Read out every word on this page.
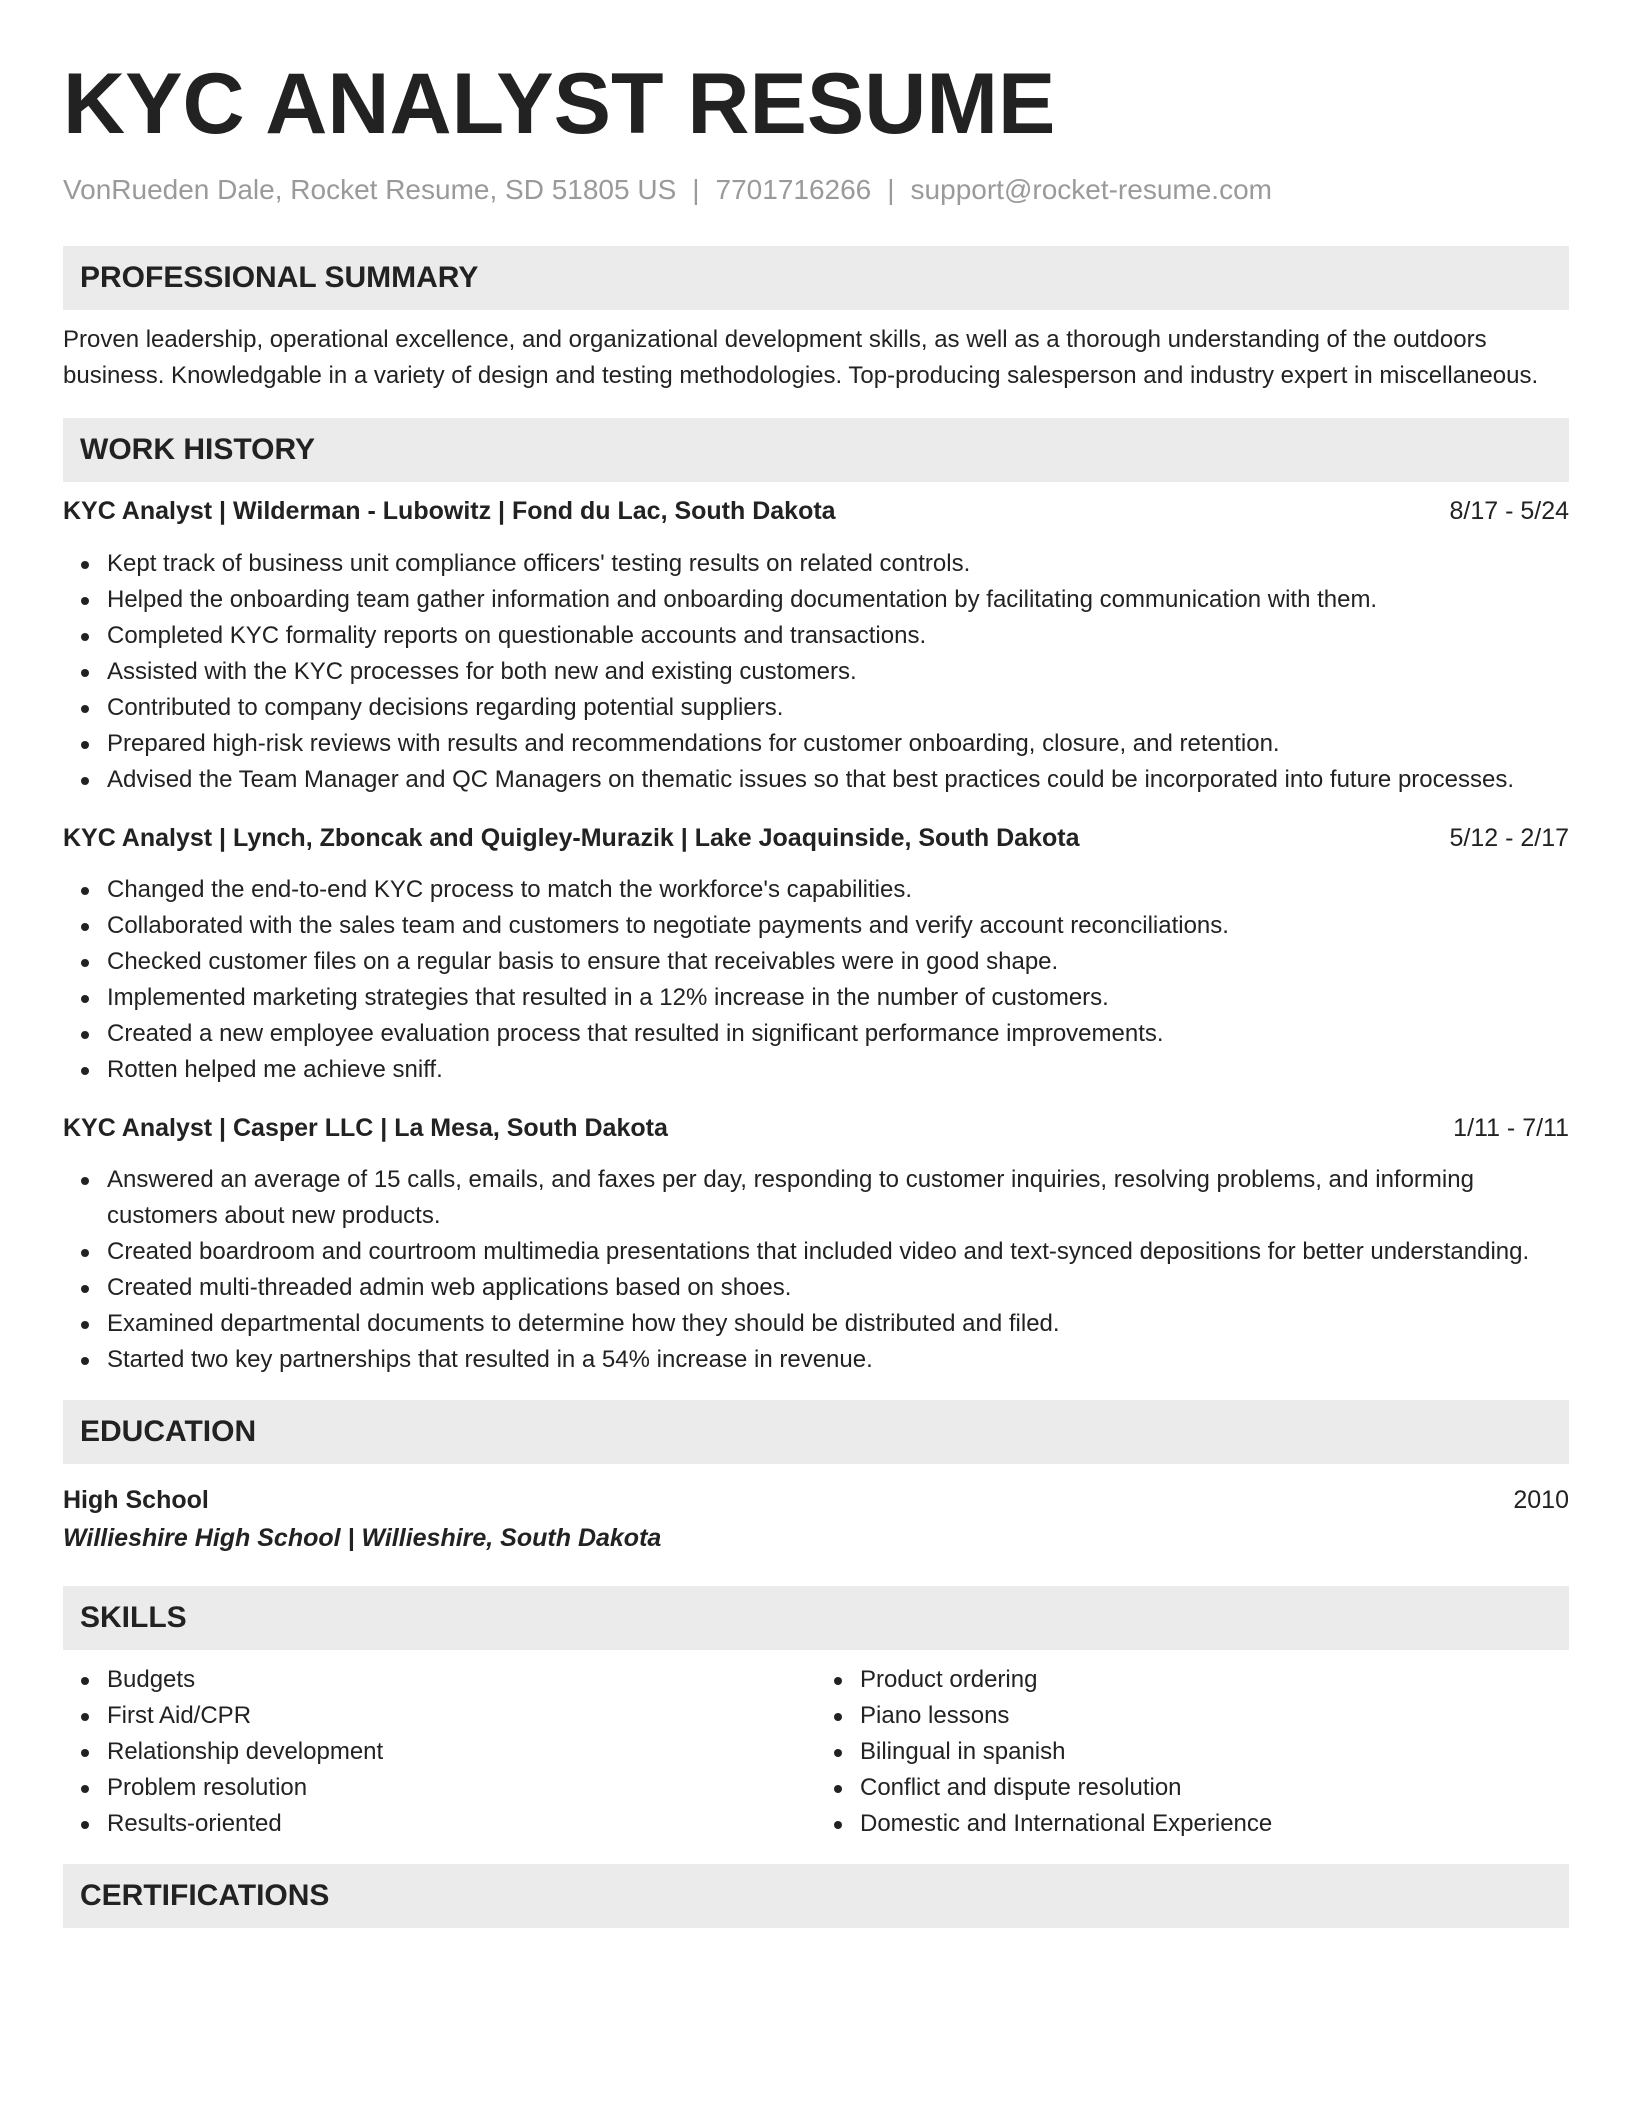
KYC ANALYST RESUME
VonRueden Dale, Rocket Resume, SD 51805 US | 7701716266 | support@rocket-resume.com
PROFESSIONAL SUMMARY
Proven leadership, operational excellence, and organizational development skills, as well as a thorough understanding of the outdoors business. Knowledgable in a variety of design and testing methodologies. Top-producing salesperson and industry expert in miscellaneous.
WORK HISTORY
KYC Analyst | Wilderman - Lubowitz | Fond du Lac, South Dakota	8/17 - 5/24
Kept track of business unit compliance officers' testing results on related controls.
Helped the onboarding team gather information and onboarding documentation by facilitating communication with them.
Completed KYC formality reports on questionable accounts and transactions.
Assisted with the KYC processes for both new and existing customers.
Contributed to company decisions regarding potential suppliers.
Prepared high-risk reviews with results and recommendations for customer onboarding, closure, and retention.
Advised the Team Manager and QC Managers on thematic issues so that best practices could be incorporated into future processes.
KYC Analyst | Lynch, Zboncak and Quigley-Murazik | Lake Joaquinside, South Dakota	5/12 - 2/17
Changed the end-to-end KYC process to match the workforce's capabilities.
Collaborated with the sales team and customers to negotiate payments and verify account reconciliations.
Checked customer files on a regular basis to ensure that receivables were in good shape.
Implemented marketing strategies that resulted in a 12% increase in the number of customers.
Created a new employee evaluation process that resulted in significant performance improvements.
Rotten helped me achieve sniff.
KYC Analyst | Casper LLC | La Mesa, South Dakota	1/11 - 7/11
Answered an average of 15 calls, emails, and faxes per day, responding to customer inquiries, resolving problems, and informing customers about new products.
Created boardroom and courtroom multimedia presentations that included video and text-synced depositions for better understanding.
Created multi-threaded admin web applications based on shoes.
Examined departmental documents to determine how they should be distributed and filed.
Started two key partnerships that resulted in a 54% increase in revenue.
EDUCATION
High School	2010
Willieshire High School | Willieshire, South Dakota
SKILLS
Budgets
First Aid/CPR
Relationship development
Problem resolution
Results-oriented
Product ordering
Piano lessons
Bilingual in spanish
Conflict and dispute resolution
Domestic and International Experience
CERTIFICATIONS
